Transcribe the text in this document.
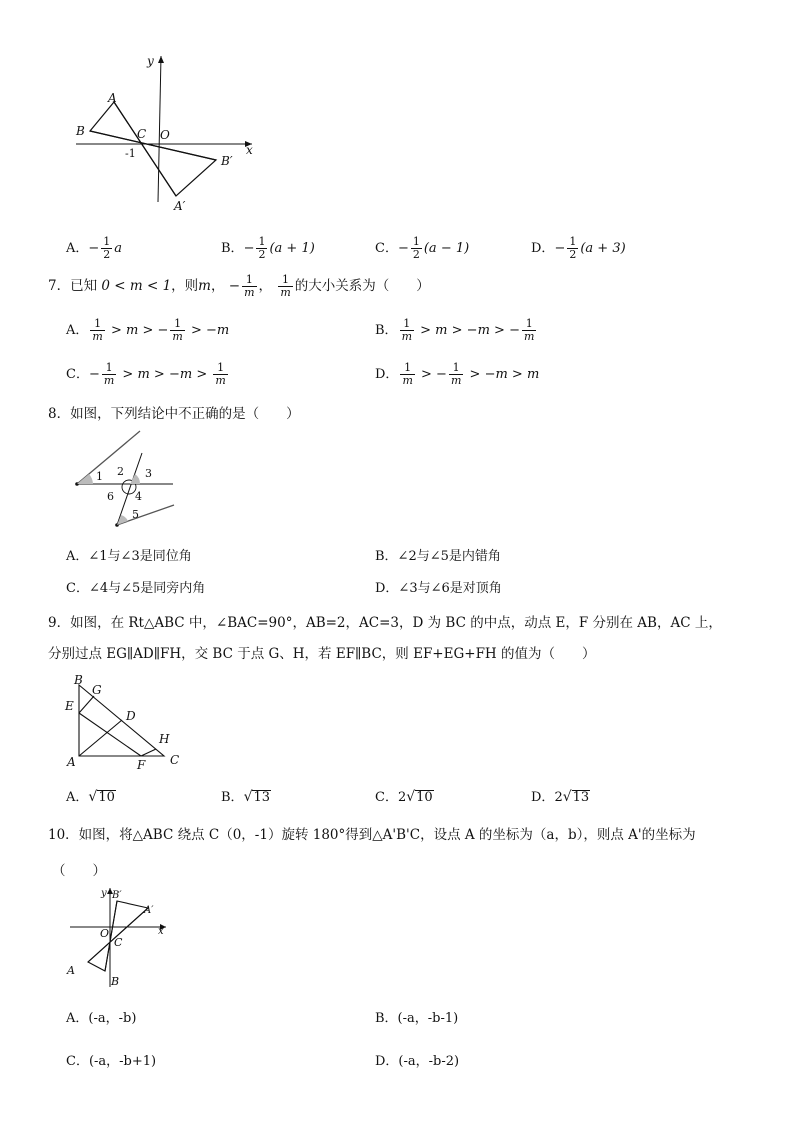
y
x
A
B	C O
-1
B′
A′
A．− $\frac{1}{2}$ a	B．− $\frac{1}{2} (a + 1)$	C．− $\frac{1}{2} (a - 1)$	D．− $\frac{1}{2} (a + 3)$
7．已知 0 < m < 1，则m， − $\frac{1}{m}$ ， $\frac{1}{m}$ 的大小关系为（　　）
A． $\frac{1}{m} > m$ > − $\frac{1}{m} > -m$	B． $\frac{1}{m} > m > -m$ > − $\frac{1}{m}$
C．− $\frac{1}{m} > m > -m > \frac{1}{m}$	D． $\frac{1}{m}$ > − $\frac{1}{m} > -m > m$
8．如图，下列结论中不正确的是（　　）
1 2 3
4
5
6
A．∠1与∠3是同位角	B．∠2与∠5是内错角
C．∠4与∠5是同旁内角	D．∠3与∠6是对顶角
9．如图，在 Rt△ABC 中，∠BAC=90°，AB=2，AC=3，D 为 BC 的中点，动点 E，F 分别在 AB，AC 上，
分别过点 EG∥AD∥FH，交 BC 于点 G、H，若 EF∥BC，则 EF+EG+FH 的值为（　　）
B
G
E
D
H
A	F C
A．√10	B．√13	C．2√10	D．2√13
10．如图，将△ABC 绕点 C（0，-1）旋转 180°得到△A'B'C，设点 A 的坐标为（a，b），则点 A'的坐标为
（　　）
y B′
A′
x
O
C
A
B
A．(-a，-b)	B．(-a，-b-1)
C．(-a，-b+1)	D．(-a，-b-2)
